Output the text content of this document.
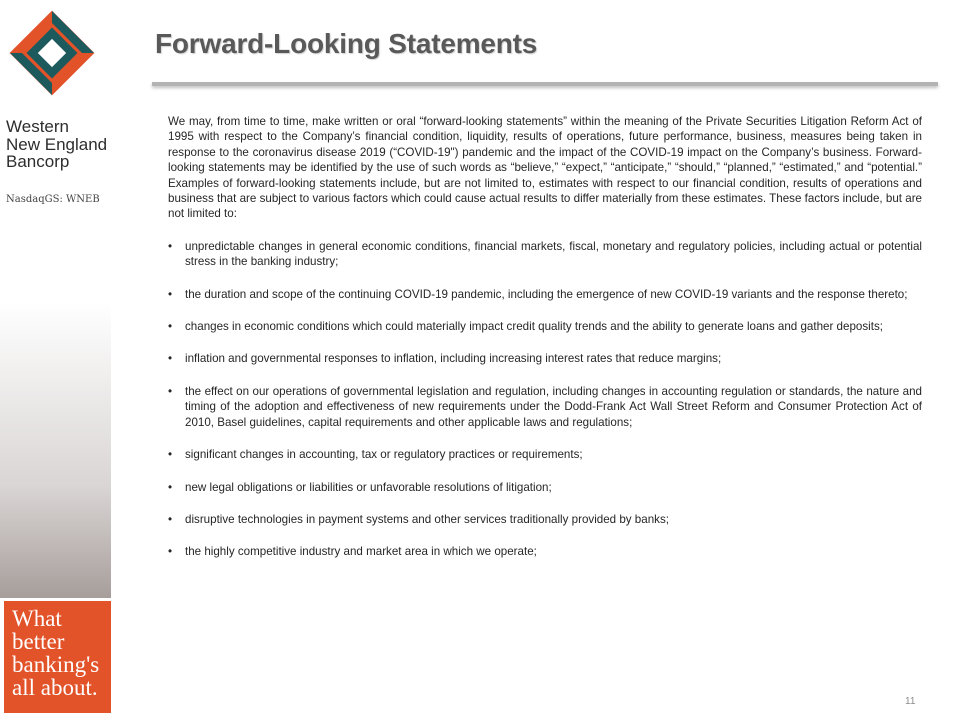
Western
New England
Bancorp
NasdaqGS: WNEB
What
better
banking's
all about.
Forward-Looking Statements

We may, from time to time, make written or oral “forward-looking statements” within the meaning of the Private Securities Litigation Reform Act of 1995 with respect to the Company’s financial condition, liquidity, results of operations, future performance, business, measures being taken in response to the coronavirus disease 2019 (“COVID-19") pandemic and the impact of the COVID-19 impact on the Company’s business. Forward-looking statements may be identified by the use of such words as “believe,” “expect,” “anticipate,” “should,” “planned,” “estimated,” and “potential.” Examples of forward-looking statements include, but are not limited to, estimates with respect to our financial condition, results of operations and business that are subject to various factors which could cause actual results to differ materially from these estimates. These factors include, but are not limited to:

• unpredictable changes in general economic conditions, financial markets, fiscal, monetary and regulatory policies, including actual or potential stress in the banking industry;
• the duration and scope of the continuing COVID-19 pandemic, including the emergence of new COVID-19 variants and the response thereto;
• changes in economic conditions which could materially impact credit quality trends and the ability to generate loans and gather deposits;
• inflation and governmental responses to inflation, including increasing interest rates that reduce margins;
• the effect on our operations of governmental legislation and regulation, including changes in accounting regulation or standards, the nature and timing of the adoption and effectiveness of new requirements under the Dodd-Frank Act Wall Street Reform and Consumer Protection Act of 2010, Basel guidelines, capital requirements and other applicable laws and regulations;
• significant changes in accounting, tax or regulatory practices or requirements;
• new legal obligations or liabilities or unfavorable resolutions of litigation;
• disruptive technologies in payment systems and other services traditionally provided by banks;
• the highly competitive industry and market area in which we operate;
11
